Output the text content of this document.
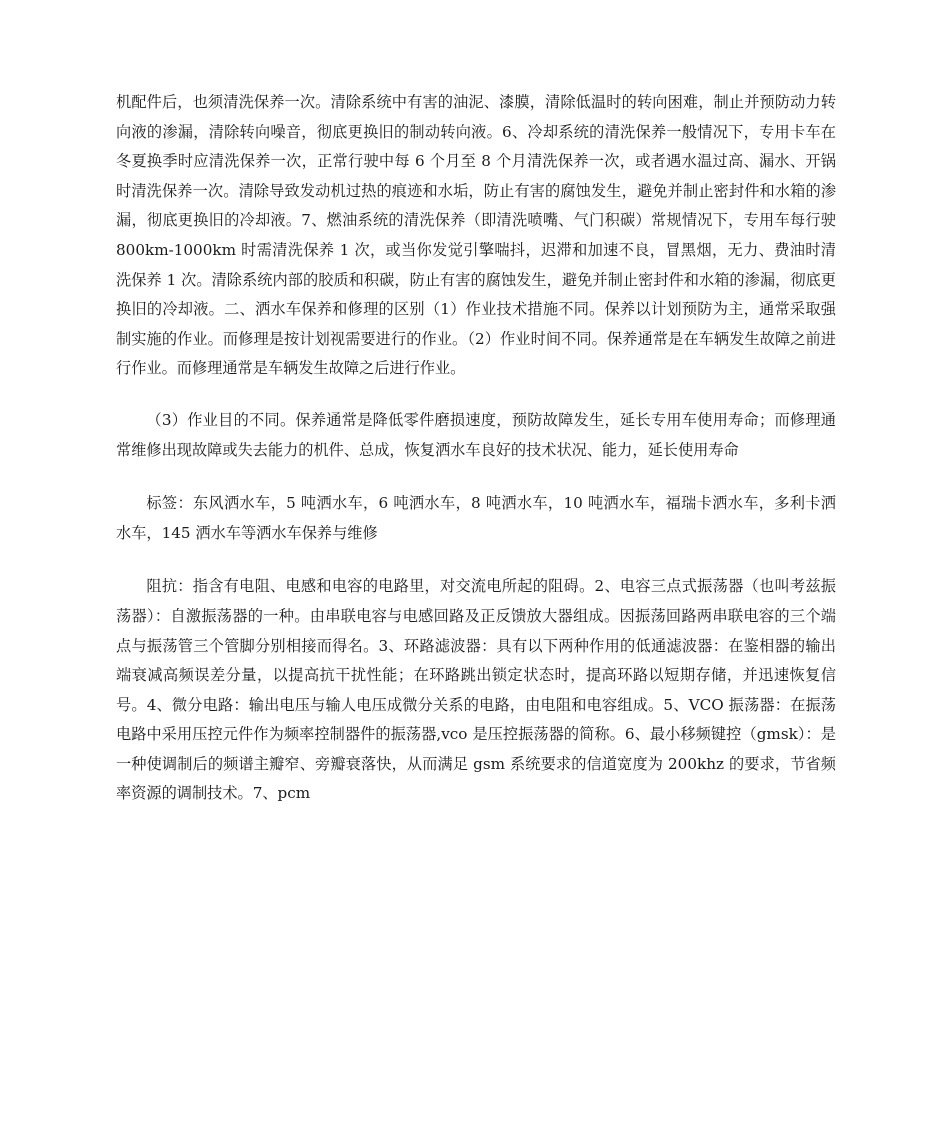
机配件后，也须清洗保养一次。清除系统中有害的油泥、漆膜，清除低温时的转向困难，制止并预防动力转向液的渗漏，清除转向噪音，彻底更换旧的制动转向液。6、冷却系统的清洗保养一般情况下，专用卡车在冬夏换季时应清洗保养一次，正常行驶中每 6 个月至 8 个月清洗保养一次，或者遇水温过高、漏水、开锅时清洗保养一次。清除导致发动机过热的痕迹和水垢，防止有害的腐蚀发生，避免并制止密封件和水箱的渗漏，彻底更换旧的冷却液。7、燃油系统的清洗保养（即清洗喷嘴、气门积碳）常规情况下，专用车每行驶 800km-1000km 时需清洗保养 1 次，或当你发觉引擎喘抖，迟滞和加速不良，冒黑烟，无力、费油时清洗保养 1 次。清除系统内部的胶质和积碳，防止有害的腐蚀发生，避免并制止密封件和水箱的渗漏，彻底更换旧的冷却液。二、洒水车保养和修理的区别（1）作业技术措施不同。保养以计划预防为主，通常采取强制实施的作业。而修理是按计划视需要进行的作业。（2）作业时间不同。保养通常是在车辆发生故障之前进行作业。而修理通常是车辆发生故障之后进行作业。

（3）作业目的不同。保养通常是降低零件磨损速度，预防故障发生，延长专用车使用寿命；而修理通常维修出现故障或失去能力的机件、总成，恢复洒水车良好的技术状况、能力，延长使用寿命

标签：东风洒水车，5 吨洒水车，6 吨洒水车，8 吨洒水车，10 吨洒水车，福瑞卡洒水车，多利卡洒水车，145 洒水车等洒水车保养与维修

阻抗：指含有电阻、电感和电容的电路里，对交流电所起的阻碍。2、电容三点式振荡器（也叫考兹振荡器）：自激振荡器的一种。由串联电容与电感回路及正反馈放大器组成。因振荡回路两串联电容的三个端点与振荡管三个管脚分别相接而得名。3、环路滤波器：具有以下两种作用的低通滤波器：在鉴相器的输出端衰减高频误差分量，以提高抗干扰性能；在环路跳出锁定状态时，提高环路以短期存储，并迅速恢复信号。4、微分电路：输出电压与输人电压成微分关系的电路，由电阻和电容组成。5、VCO 振荡器：在振荡电路中采用压控元件作为频率控制器件的振荡器,vco 是压控振荡器的简称。6、最小移频键控（gmsk）：是一种使调制后的频谱主瓣窄、旁瓣衰落快，从而满足 gsm 系统要求的信道宽度为 200khz 的要求，节省频率资源的调制技术。7、pcm
